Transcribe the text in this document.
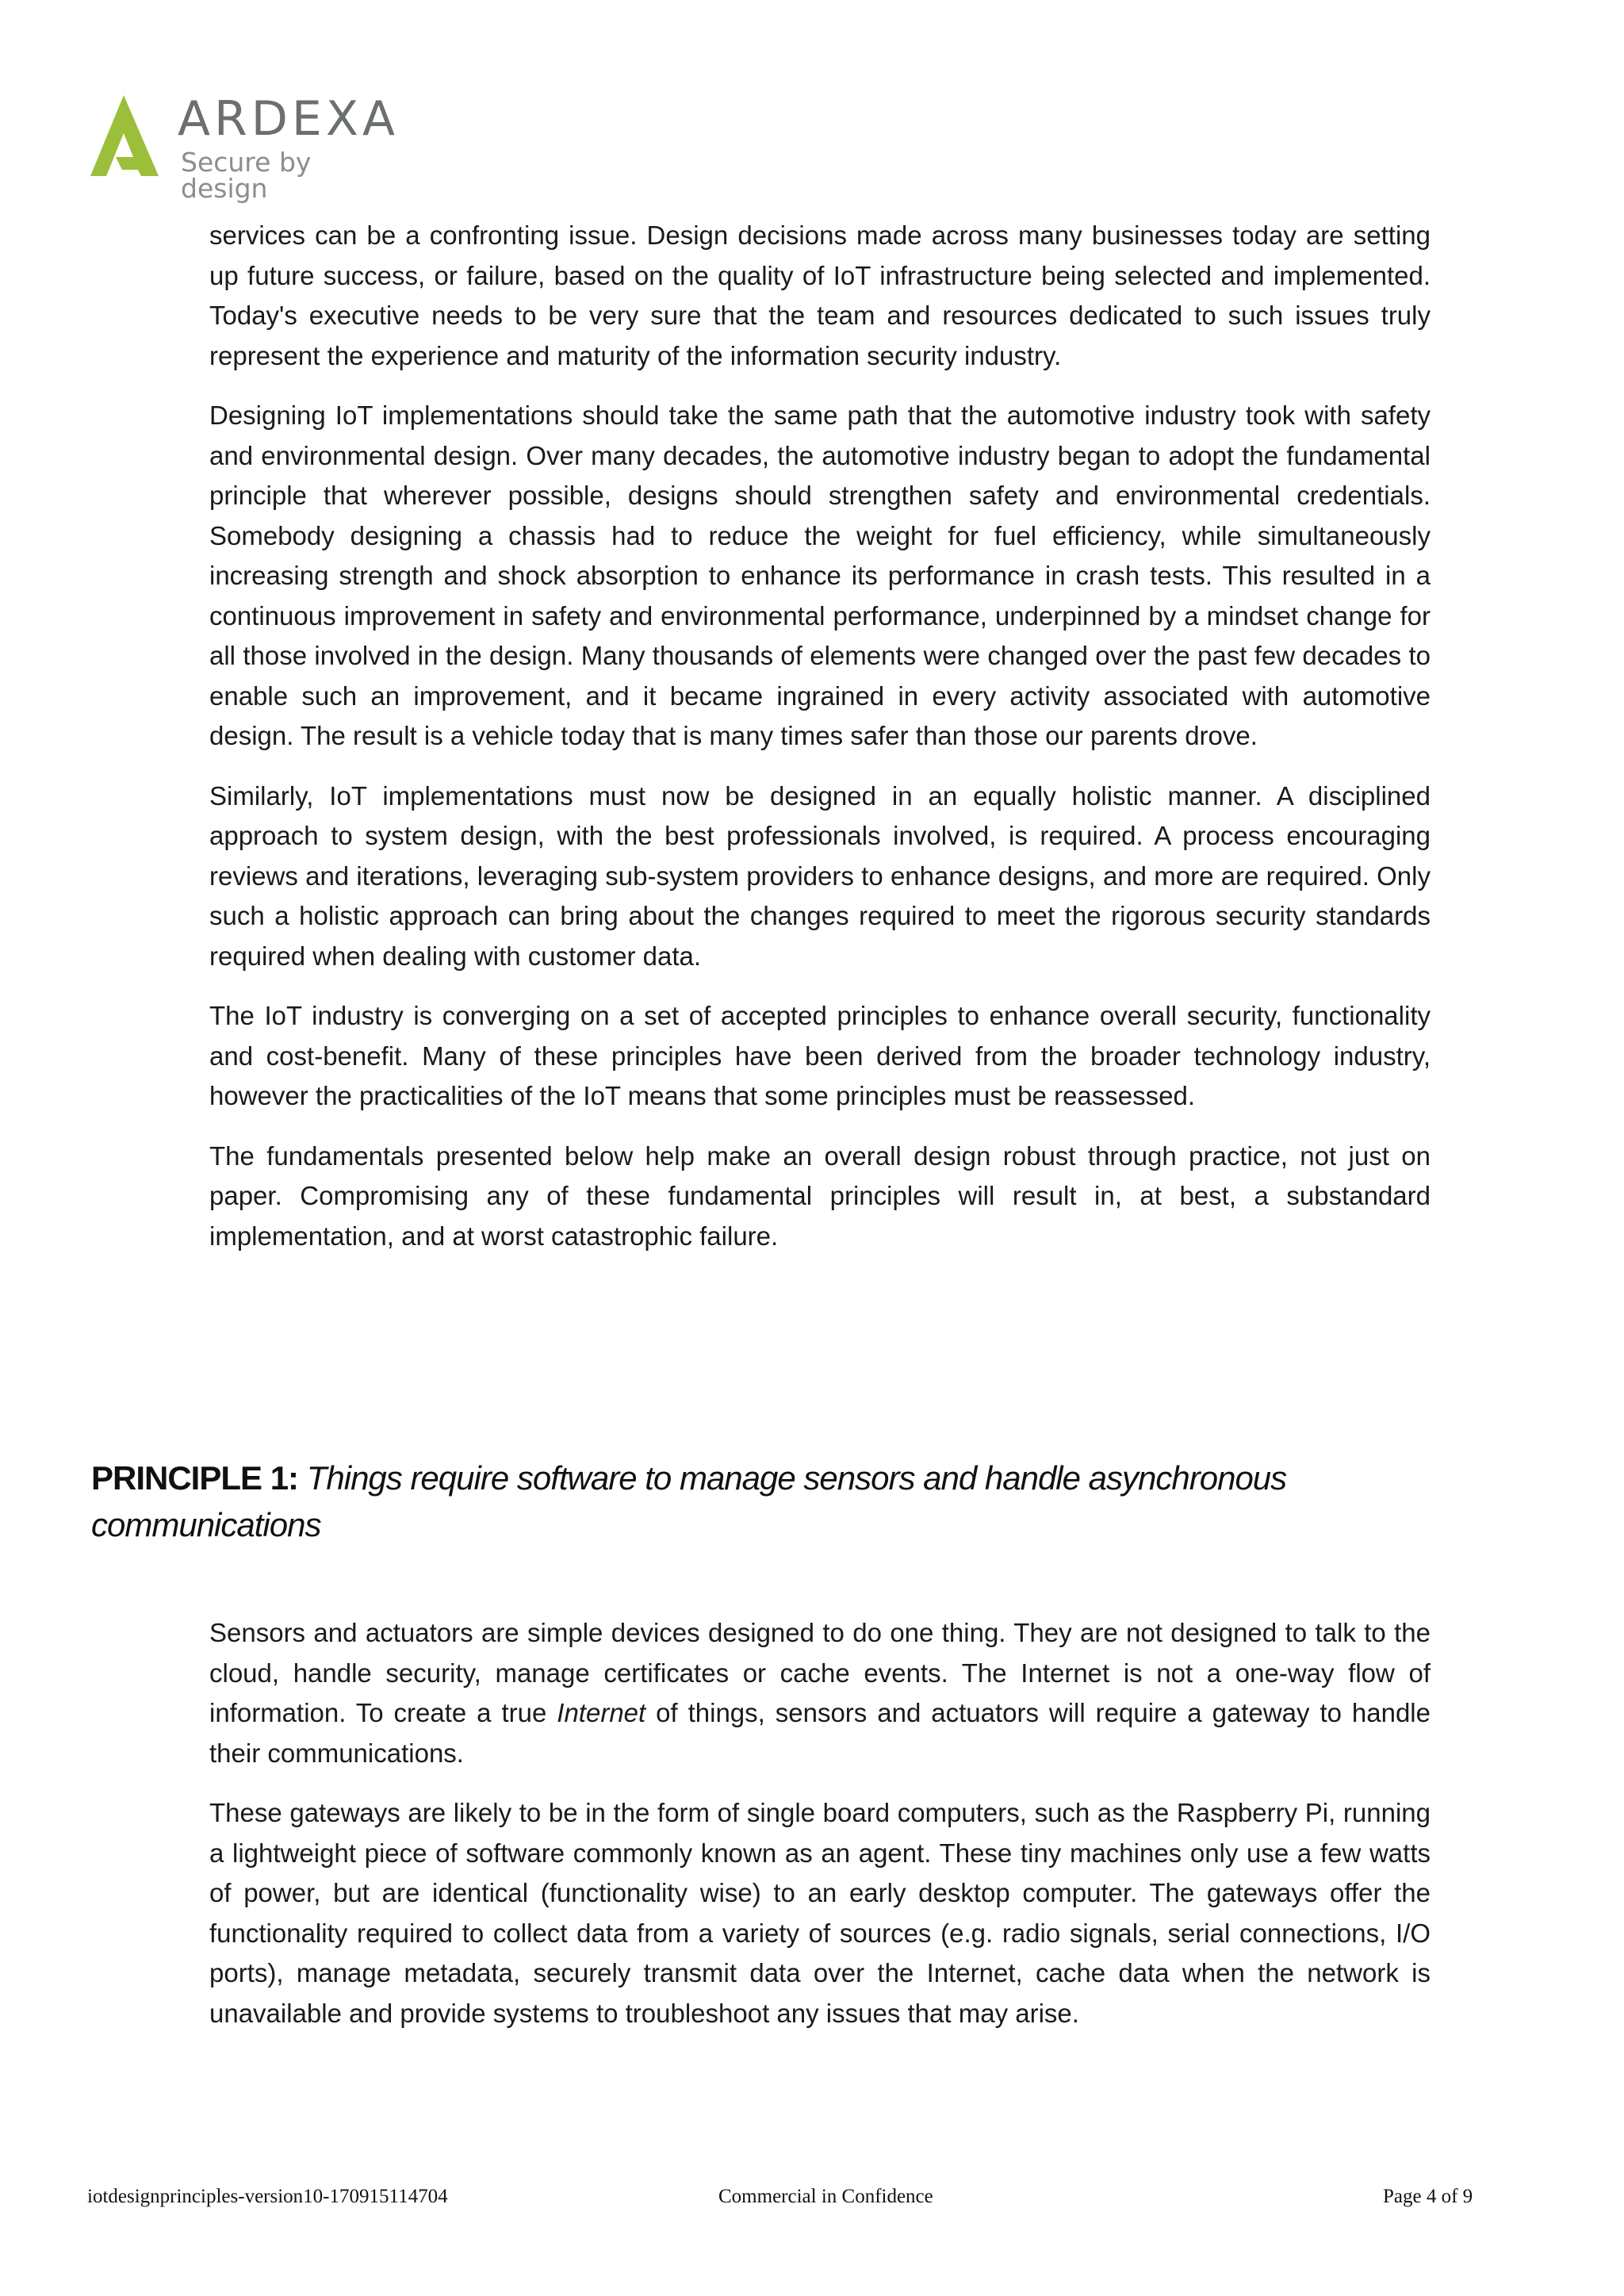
ARDEXA
Secure by design

services can be a confronting issue. Design decisions made across many businesses today are setting up future success, or failure, based on the quality of IoT infrastructure being selected and implemented. Today's executive needs to be very sure that the team and resources dedicated to such issues truly represent the experience and maturity of the information security industry.

Designing IoT implementations should take the same path that the automotive industry took with safety and environmental design. Over many decades, the automotive industry began to adopt the fundamental principle that wherever possible, designs should strengthen safety and environmental credentials. Somebody designing a chassis had to reduce the weight for fuel efficiency, while simultaneously increasing strength and shock absorption to enhance its performance in crash tests. This resulted in a continuous improvement in safety and environmental performance, underpinned by a mindset change for all those involved in the design. Many thousands of elements were changed over the past few decades to enable such an improvement, and it became ingrained in every activity associated with automotive design. The result is a vehicle today that is many times safer than those our parents drove.

Similarly, IoT implementations must now be designed in an equally holistic manner. A disciplined approach to system design, with the best professionals involved, is required. A process encouraging reviews and iterations, leveraging sub-system providers to enhance designs, and more are required. Only such a holistic approach can bring about the changes required to meet the rigorous security standards required when dealing with customer data.

The IoT industry is converging on a set of accepted principles to enhance overall security, functionality and cost-benefit. Many of these principles have been derived from the broader technology industry, however the practicalities of the IoT means that some principles must be reassessed.

The fundamentals presented below help make an overall design robust through practice, not just on paper. Compromising any of these fundamental principles will result in, at best, a substandard implementation, and at worst catastrophic failure.

PRINCIPLE 1: Things require software to manage sensors and handle asynchronous communications

Sensors and actuators are simple devices designed to do one thing. They are not designed to talk to the cloud, handle security, manage certificates or cache events. The Internet is not a one-way flow of information. To create a true Internet of things, sensors and actuators will require a gateway to handle their communications.

These gateways are likely to be in the form of single board computers, such as the Raspberry Pi, running a lightweight piece of software commonly known as an agent. These tiny machines only use a few watts of power, but are identical (functionality wise) to an early desktop computer. The gateways offer the functionality required to collect data from a variety of sources (e.g. radio signals, serial connections, I/O ports), manage metadata, securely transmit data over the Internet, cache data when the network is unavailable and provide systems to troubleshoot any issues that may arise.

iotdesignprinciples-version10-170915114704	Commercial in Confidence	Page 4 of 9
